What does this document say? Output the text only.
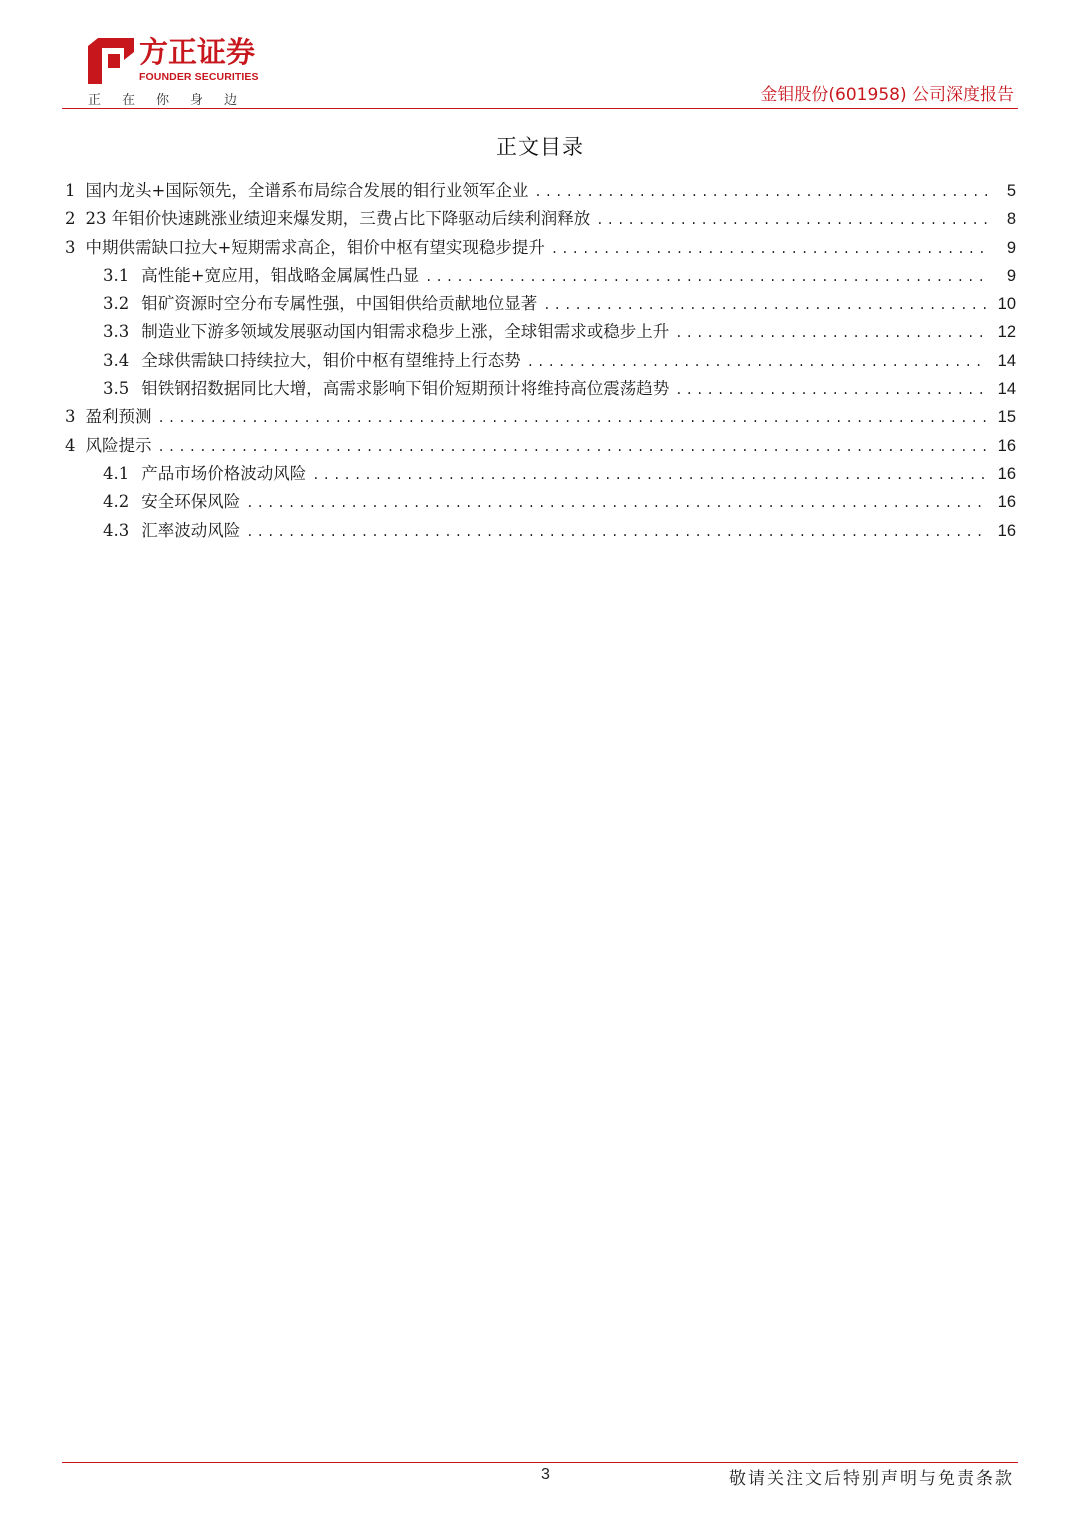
方正证券

FOUNDER SECURITIES

正在你身边	金钼股份(601958) 公司深度报告

正文目录
1 国内龙头+国际领先，全谱系布局综合发展的钼行业领军企业 .....	5
2 23 年钼价快速跳涨业绩迎来爆发期，三费占比下降驱动后续利润释放 .....	8
3 中期供需缺口拉大+短期需求高企，钼价中枢有望实现稳步提升 .....	9
3.1 高性能+宽应用，钼战略金属属性凸显 .....	9
3.2 钼矿资源时空分布专属性强，中国钼供给贡献地位显著 .....	10
3.3 制造业下游多领域发展驱动国内钼需求稳步上涨，全球钼需求或稳步上升 .....	12
3.4 全球供需缺口持续拉大，钼价中枢有望维持上行态势 .....	14
3.5 钼铁钢招数据同比大增，高需求影响下钼价短期预计将维持高位震荡趋势 .....	14
3 盈利预测 .....	15
4 风险提示 .....	16
4.1 产品市场价格波动风险 .....	16
4.2 安全环保风险 .....	16
4.3 汇率波动风险 .....	16

3	敬请关注文后特别声明与免责条款
